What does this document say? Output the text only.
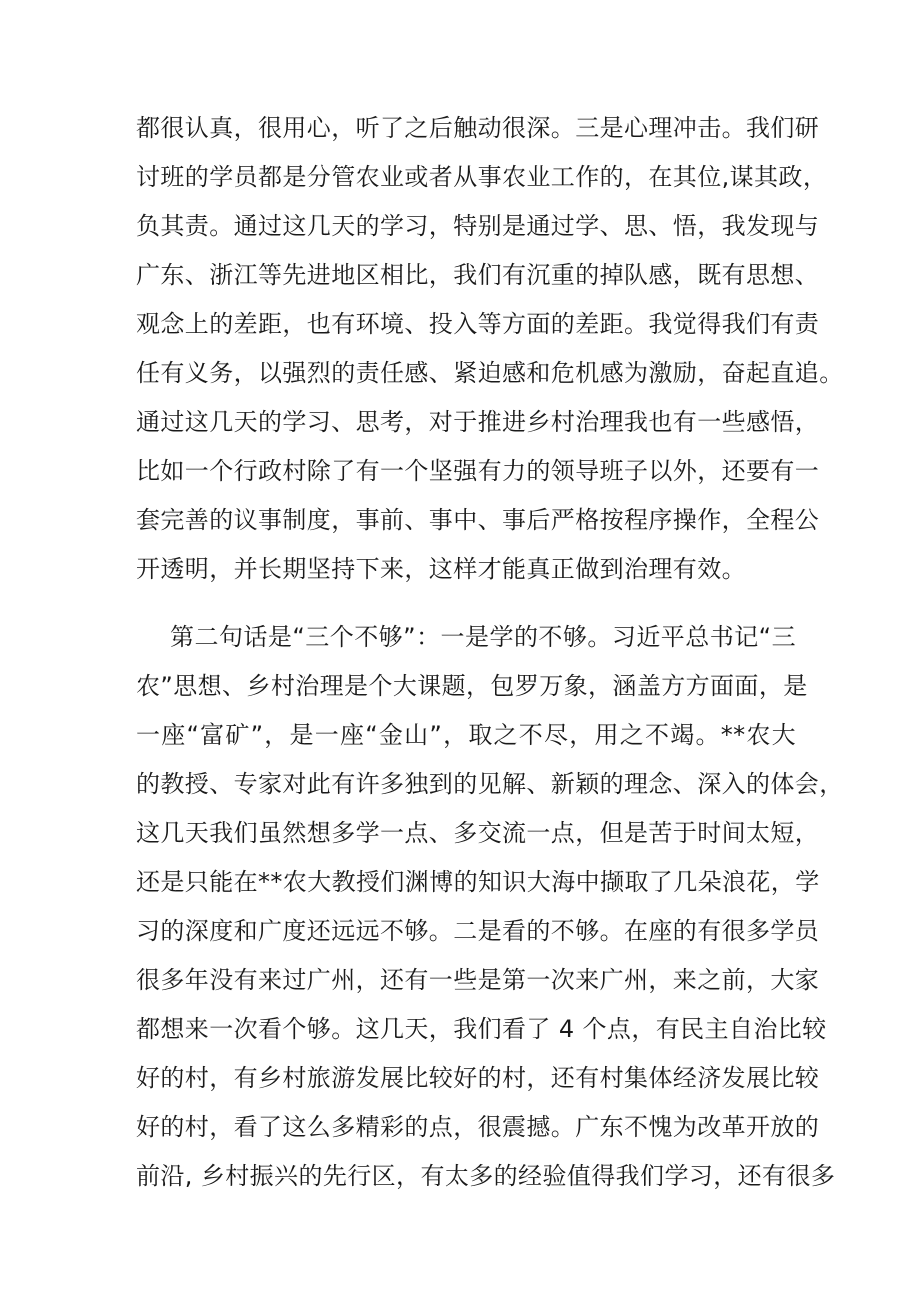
都很认真，很用心，听了之后触动很深。三是心理冲击。我们研
讨班的学员都是分管农业或者从事农业工作的，在其位,谋其政，
负其责。通过这几天的学习，特别是通过学、思、悟，我发现与
广东、浙江等先进地区相比，我们有沉重的掉队感，既有思想、
观念上的差距，也有环境、投入等方面的差距。我觉得我们有责
任有义务，以强烈的责任感、紧迫感和危机感为激励，奋起直追。
通过这几天的学习、思考，对于推进乡村治理我也有一些感悟，
比如一个行政村除了有一个坚强有力的领导班子以外，还要有一
套完善的议事制度，事前、事中、事后严格按程序操作，全程公
开透明，并长期坚持下来，这样才能真正做到治理有效。
第二句话是“三个不够”：一是学的不够。习近平总书记“三
农”思想、乡村治理是个大课题，包罗万象，涵盖方方面面，是
一座“富矿”，是一座“金山”，取之不尽，用之不竭。**农大
的教授、专家对此有许多独到的见解、新颖的理念、深入的体会，
这几天我们虽然想多学一点、多交流一点，但是苦于时间太短，
还是只能在**农大教授们渊博的知识大海中撷取了几朵浪花，学
习的深度和广度还远远不够。二是看的不够。在座的有很多学员
很多年没有来过广州，还有一些是第一次来广州，来之前，大家
都想来一次看个够。这几天，我们看了 4 个点，有民主自治比较
好的村，有乡村旅游发展比较好的村，还有村集体经济发展比较
好的村，看了这么多精彩的点，很震撼。广东不愧为改革开放的
前沿, 乡村振兴的先行区，有太多的经验值得我们学习，还有很多
